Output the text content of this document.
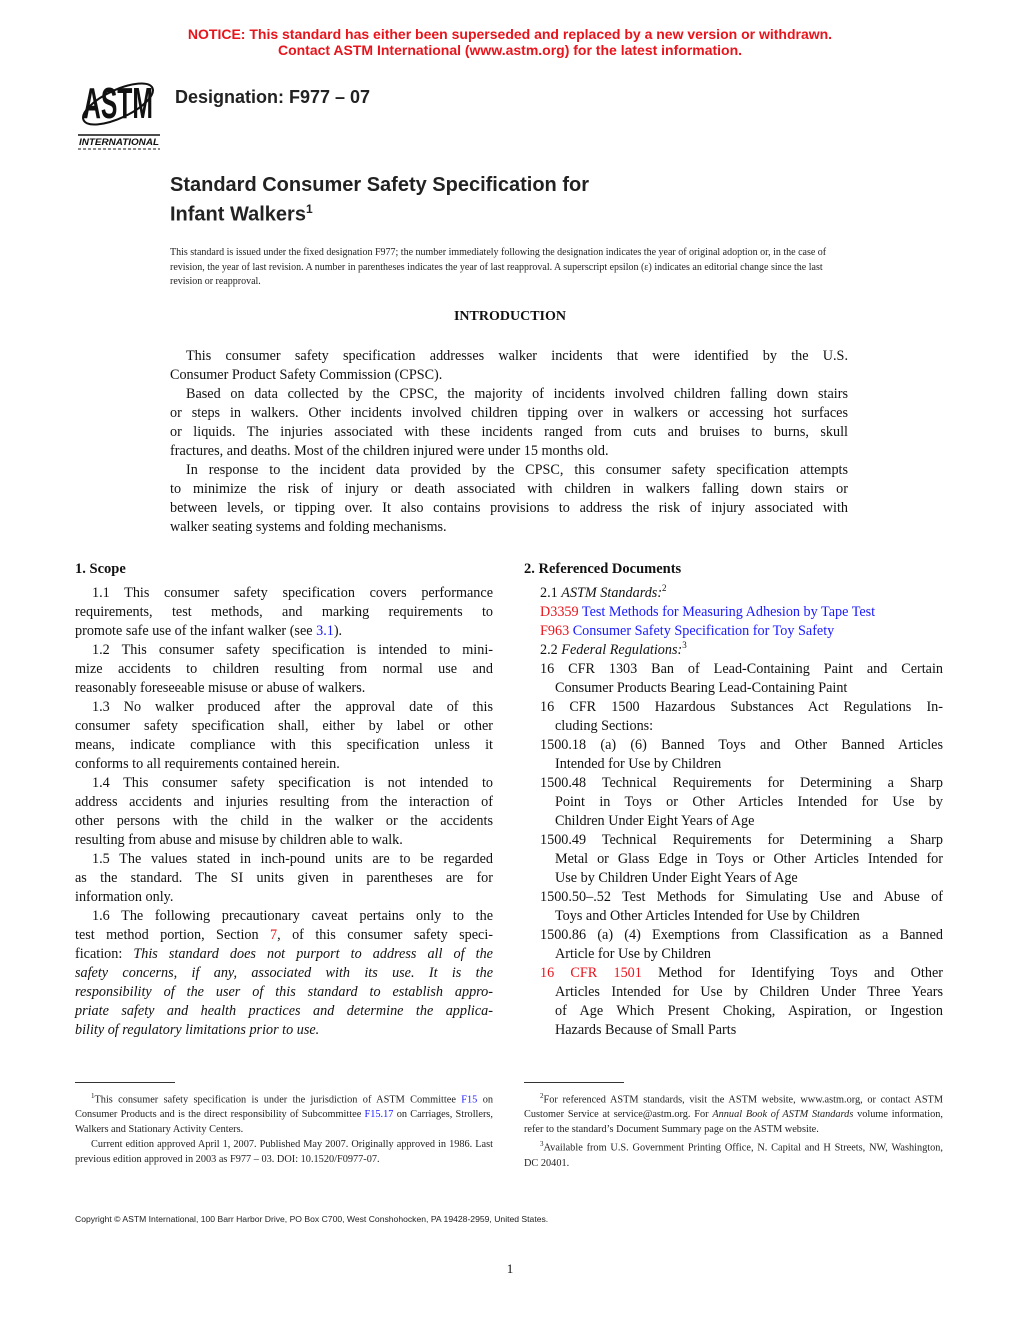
NOTICE: This standard has either been superseded and replaced by a new version or withdrawn.
Contact ASTM International (www.astm.org) for the latest information.
ASTM
INTERNATIONAL
Designation: F977 – 07
Standard Consumer Safety Specification for
Infant Walkers$^1$
This standard is issued under the fixed designation F977; the number immediately following the designation indicates the year of original adoption or, in the case of revision, the year of last revision. A number in parentheses indicates the year of last reapproval. A superscript epsilon (ε) indicates an editorial change since the last revision or reapproval.
INTRODUCTION
This consumer safety specification addresses walker incidents that were identified by the U.S.
Consumer Product Safety Commission (CPSC).
Based on data collected by the CPSC, the majority of incidents involved children falling down stairs
or steps in walkers. Other incidents involved children tipping over in walkers or accessing hot surfaces
or liquids. The injuries associated with these incidents ranged from cuts and bruises to burns, skull
fractures, and deaths. Most of the children injured were under 15 months old.
In response to the incident data provided by the CPSC, this consumer safety specification attempts
to minimize the risk of injury or death associated with children in walkers falling down stairs or
between levels, or tipping over. It also contains provisions to address the risk of injury associated with
walker seating systems and folding mechanisms.
1. Scope
1.1 This consumer safety specification covers performance
requirements, test methods, and marking requirements to
promote safe use of the infant walker (see 3.1).
1.2 This consumer safety specification is intended to mini-
mize accidents to children resulting from normal use and
reasonably foreseeable misuse or abuse of walkers.
1.3 No walker produced after the approval date of this
consumer safety specification shall, either by label or other
means, indicate compliance with this specification unless it
conforms to all requirements contained herein.
1.4 This consumer safety specification is not intended to
address accidents and injuries resulting from the interaction of
other persons with the child in the walker or the accidents
resulting from abuse and misuse by children able to walk.
1.5 The values stated in inch-pound units are to be regarded
as the standard. The SI units given in parentheses are for
information only.
1.6 The following precautionary caveat pertains only to the
test method portion, Section 7, of this consumer safety speci-
fication: This standard does not purport to address all of the
safety concerns, if any, associated with its use. It is the
responsibility of the user of this standard to establish appro-
priate safety and health practices and determine the applica-
bility of regulatory limitations prior to use.
2. Referenced Documents
2.1 ASTM Standards:$^2$
D3359 Test Methods for Measuring Adhesion by Tape Test
F963 Consumer Safety Specification for Toy Safety
2.2 Federal Regulations:$^3$
16 CFR 1303 Ban of Lead-Containing Paint and Certain
Consumer Products Bearing Lead-Containing Paint
16 CFR 1500 Hazardous Substances Act Regulations In-
cluding Sections:
1500.18 (a) (6) Banned Toys and Other Banned Articles
Intended for Use by Children
1500.48 Technical Requirements for Determining a Sharp
Point in Toys or Other Articles Intended for Use by
Children Under Eight Years of Age
1500.49 Technical Requirements for Determining a Sharp
Metal or Glass Edge in Toys or Other Articles Intended for
Use by Children Under Eight Years of Age
1500.50–.52 Test Methods for Simulating Use and Abuse of
Toys and Other Articles Intended for Use by Children
1500.86 (a) (4) Exemptions from Classification as a Banned
Article for Use by Children
16 CFR 1501 Method for Identifying Toys and Other
Articles Intended for Use by Children Under Three Years
of Age Which Present Choking, Aspiration, or Ingestion
Hazards Because of Small Parts

$^1$This consumer safety specification is under the jurisdiction of ASTM Committee F15 on Consumer Products and is the direct responsibility of Subcommittee F15.17 on Carriages, Strollers, Walkers and Stationary Activity Centers.

Current edition approved April 1, 2007. Published May 2007. Originally approved in 1986. Last previous edition approved in 2003 as F977 – 03. DOI: 10.1520/F0977-07.

$^2$For referenced ASTM standards, visit the ASTM website, www.astm.org, or contact ASTM Customer Service at service@astm.org. For Annual Book of ASTM Standards volume information, refer to the standard’s Document Summary page on the ASTM website.

$^3$Available from U.S. Government Printing Office, N. Capital and H Streets, NW, Washington, DC 20401.

Copyright © ASTM International, 100 Barr Harbor Drive, PO Box C700, West Conshohocken, PA 19428-2959, United States.
1
